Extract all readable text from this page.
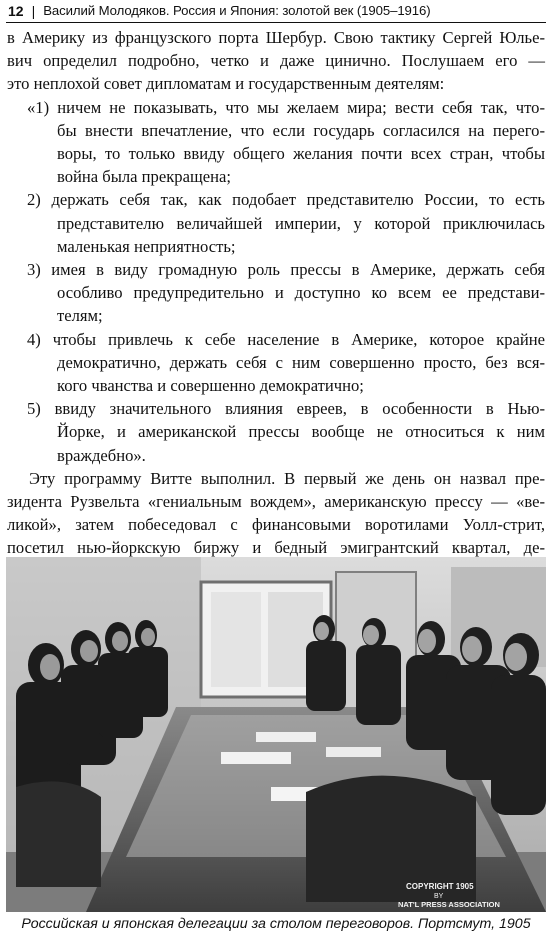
12 | Василий Молодяков. Россия и Япония: золотой век (1905–1916)

в Америку из французского порта Шербур. Свою тактику Сергей Юлье-
вич определил подробно, четко и даже цинично. Послушаем его —
это неплохой совет дипломатам и государственным деятелям:

«1) ничем не показывать, что мы желаем мира; вести себя так, что-
бы внести впечатление, что если государь согласился на перего-
воры, то только ввиду общего желания почти всех стран, чтобы
война была прекращена;
2) держать себя так, как подобает представителю России, то есть
представителю величайшей империи, у которой приключилась
маленькая неприятность;
3) имея в виду громадную роль прессы в Америке, держать себя
особливо предупредительно и доступно ко всем ее представи-
телям;
4) чтобы привлечь к себе население в Америке, которое крайне
демократично, держать себя с ним совершенно просто, без вся-
кого чванства и совершенно демократично;
5) ввиду значительного влияния евреев, в особенности в Нью-
Йорке, и американской прессы вообще не относиться к ним
враждебно».

Эту программу Витте выполнил. В первый же день он назвал пре-
зидента Рузвельта «гениальным вождем», американскую прессу — «ве-
ликой», затем побеседовал с финансовыми воротилами Уолл-стрит,
посетил нью-йоркскую биржу и бедный эмигрантский квартал, де-

COPYRIGHT 1905
BY
NAT'L PRESS ASSOCIATION
Российская и японская делегации за столом переговоров. Портсмут, 1905
